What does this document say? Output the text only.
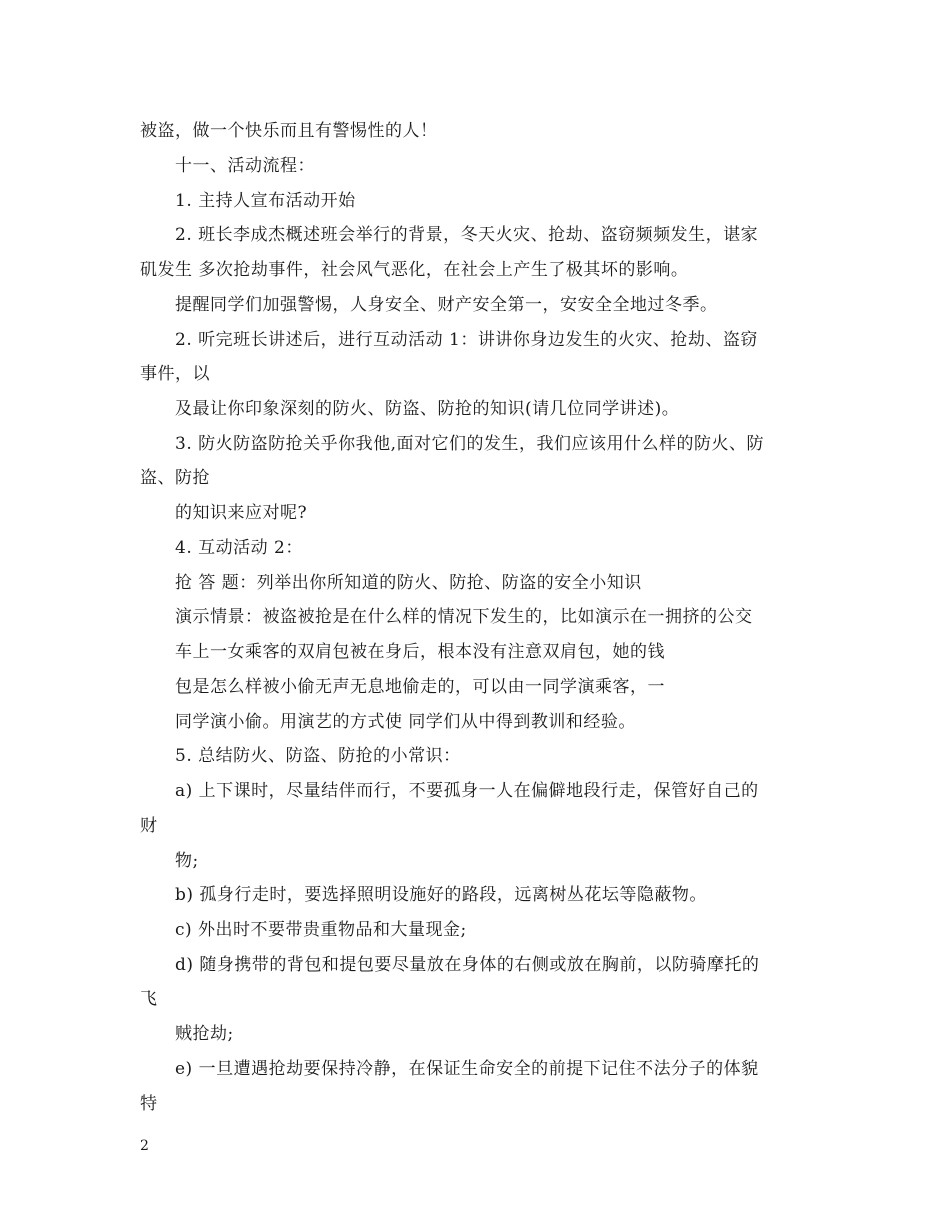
被盗，做一个快乐而且有警惕性的人！
十一、活动流程：
1. 主持人宣布活动开始
2. 班长李成杰概述班会举行的背景，冬天火灾、抢劫、盗窃频频发生，谌家
矶发生 多次抢劫事件，社会风气恶化，在社会上产生了极其坏的影响。
提醒同学们加强警惕，人身安全、财产安全第一，安安全全地过冬季。
2. 听完班长讲述后，进行互动活动 1：讲讲你身边发生的火灾、抢劫、盗窃
事件，以
及最让你印象深刻的防火、防盗、防抢的知识(请几位同学讲述)。
3. 防火防盗防抢关乎你我他,面对它们的发生，我们应该用什么样的防火、防
盗、防抢
的知识来应对呢?
4. 互动活动 2：
抢 答 题：列举出你所知道的防火、防抢、防盗的安全小知识
演示情景：被盗被抢是在什么样的情况下发生的，比如演示在一拥挤的公交
车上一女乘客的双肩包被在身后，根本没有注意双肩包，她的钱
包是怎么样被小偷无声无息地偷走的，可以由一同学演乘客，一
同学演小偷。用演艺的方式使 同学们从中得到教训和经验。
5. 总结防火、防盗、防抢的小常识：
a) 上下课时，尽量结伴而行，不要孤身一人在偏僻地段行走，保管好自己的
财
物;
b) 孤身行走时，要选择照明设施好的路段，远离树丛花坛等隐蔽物。
c) 外出时不要带贵重物品和大量现金;
d) 随身携带的背包和提包要尽量放在身体的右侧或放在胸前，以防骑摩托的
飞
贼抢劫;
e) 一旦遭遇抢劫要保持冷静，在保证生命安全的前提下记住不法分子的体貌
特
2
